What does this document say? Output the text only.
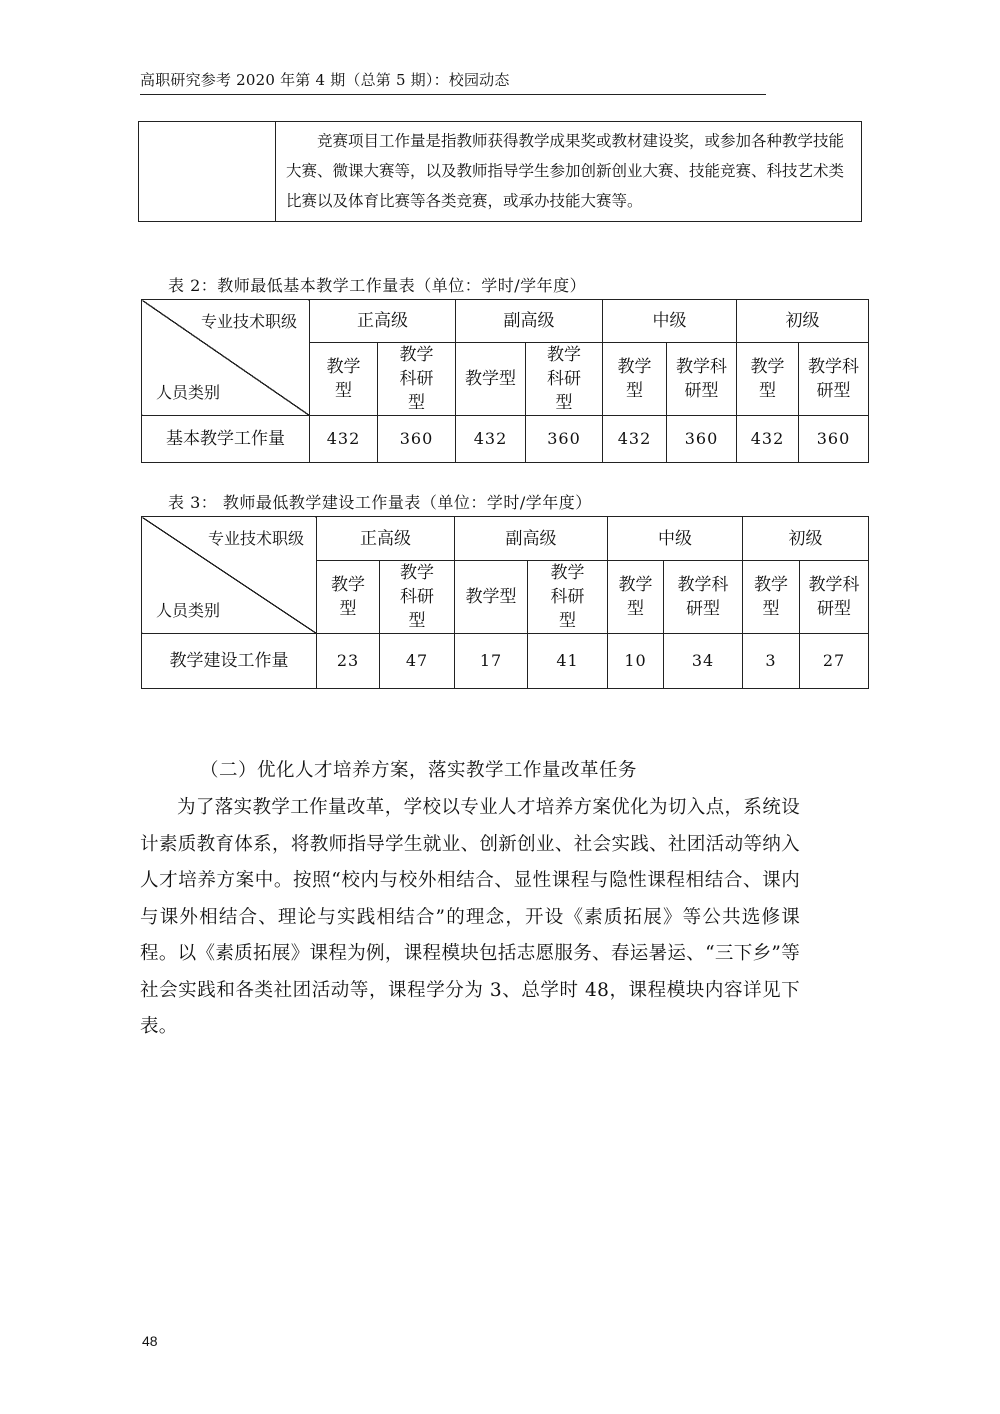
高职研究参考 2020 年第 4 期（总第 5 期）：校园动态

竞赛项目工作量是指教师获得教学成果奖或教材建设奖，或参加各种教学技能大赛、微课大赛等，以及教师指导学生参加创新创业大赛、技能竞赛、科技艺术类比赛以及体育比赛等各类竞赛，或承办技能大赛等。

表 2：教师最低基本教学工作量表（单位：学时/学年度）
专业技术职级
人员类别	正高级		副高级		中级		初级	

	教学型	教学科研型	教学型	教学科研型	教学型	教学科研型	教学型	教学科研型

基本教学工作量	432	360	432	360	432	360	432	360
表 3： 教师最低教学建设工作量表（单位：学时/学年度）
专业技术职级
人员类别	正高级		副高级		中级		初级	

	教学型	教学科研型	教学型	教学科研型	教学型	教学科研型	教学型	教学科研型

教学建设工作量	23	47	17	41	10	34	3	27
（二）优化人才培养方案，落实教学工作量改革任务

为了落实教学工作量改革，学校以专业人才培养方案优化为切入点，系统设计素质教育体系，将教师指导学生就业、创新创业、社会实践、社团活动等纳入人才培养方案中。按照“校内与校外相结合、显性课程与隐性课程相结合、课内与课外相结合、理论与实践相结合”的理念，开设《素质拓展》等公共选修课程。以《素质拓展》课程为例，课程模块包括志愿服务、春运暑运、“三下乡”等社会实践和各类社团活动等，课程学分为 3、总学时 48，课程模块内容详见下表。

48
